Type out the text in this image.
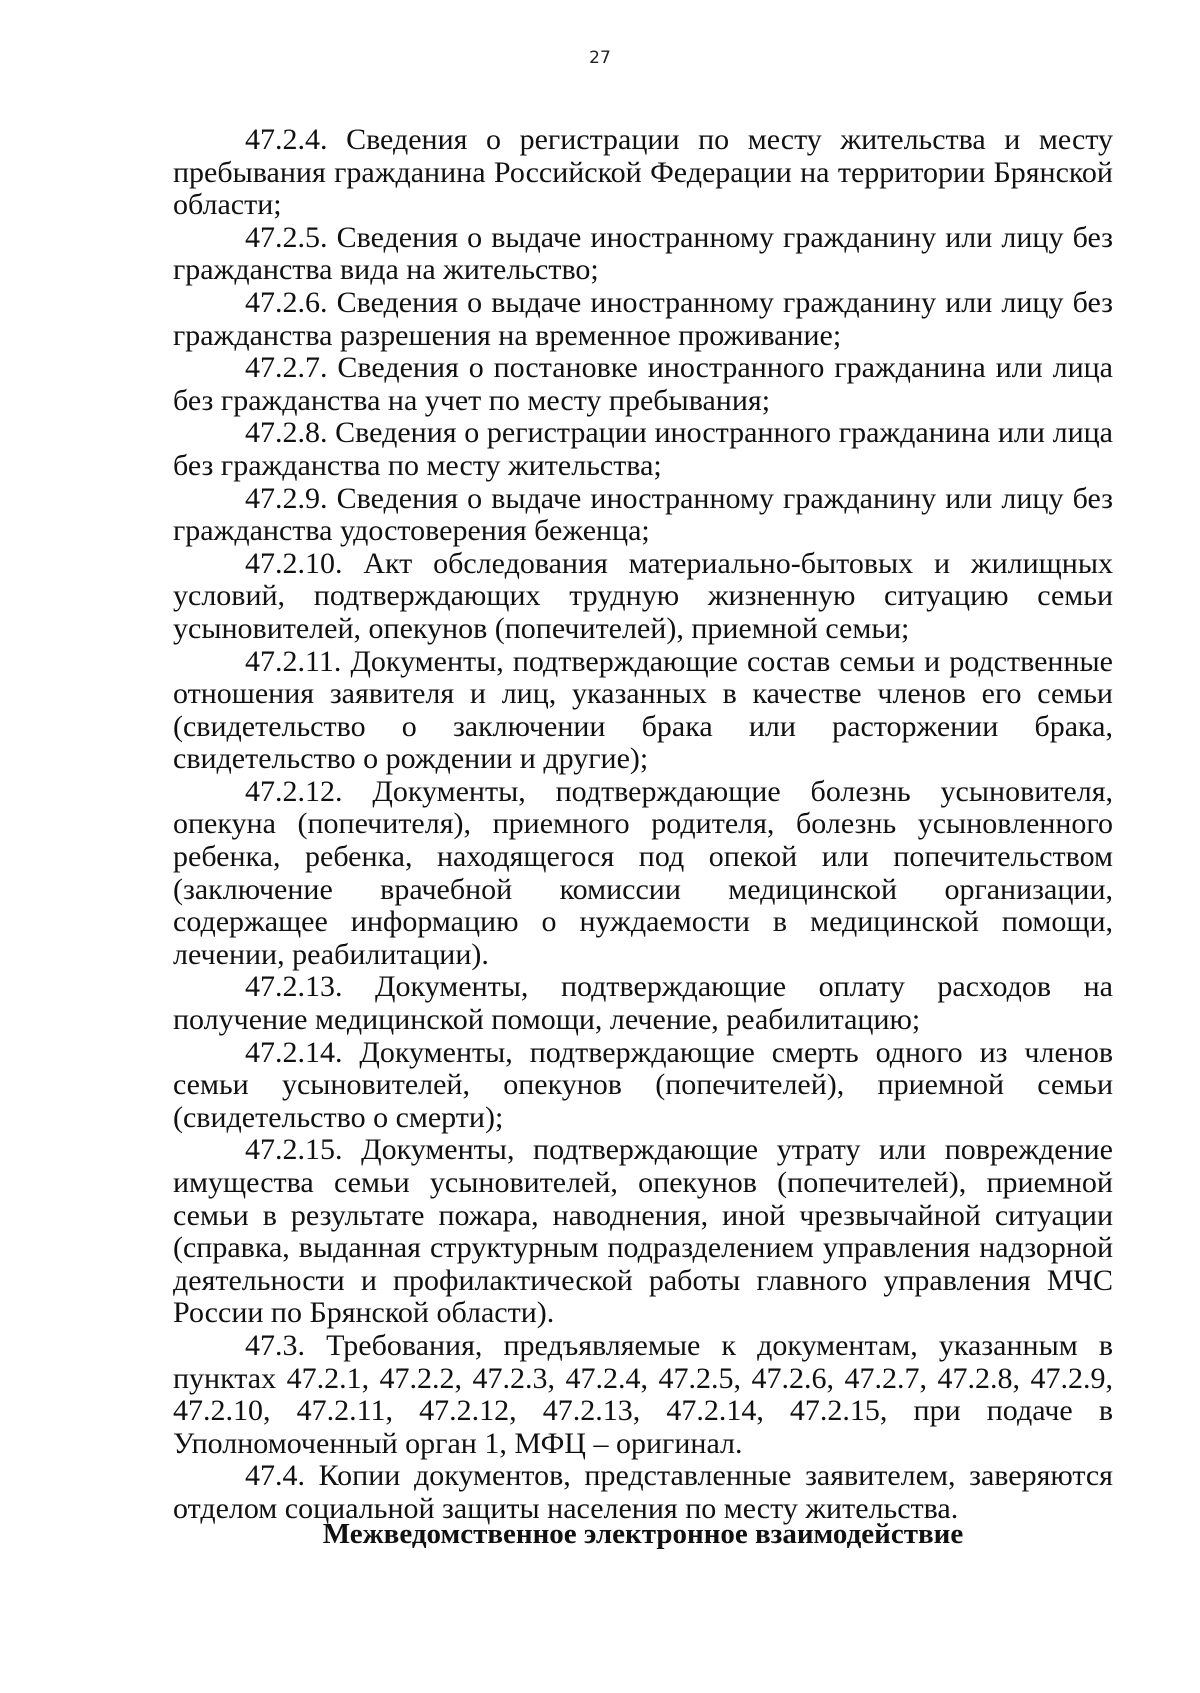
27

47.2.4. Сведения о регистрации по месту жительства и месту пребывания гражданина Российской Федерации на территории Брянской области;

47.2.5. Сведения о выдаче иностранному гражданину или лицу без гражданства вида на жительство;

47.2.6. Сведения о выдаче иностранному гражданину или лицу без гражданства разрешения на временное проживание;

47.2.7. Сведения о постановке иностранного гражданина или лица без гражданства на учет по месту пребывания;

47.2.8. Сведения о регистрации иностранного гражданина или лица без гражданства по месту жительства;

47.2.9. Сведения о выдаче иностранному гражданину или лицу без гражданства удостоверения беженца;

47.2.10. Акт обследования материально-бытовых и жилищных условий, подтверждающих трудную жизненную ситуацию семьи усыновителей, опекунов (попечителей), приемной семьи;

47.2.11. Документы, подтверждающие состав семьи и родственные отношения заявителя и лиц, указанных в качестве членов его семьи (свидетельство о заключении брака или расторжении брака, свидетельство о рождении и другие);

47.2.12. Документы, подтверждающие болезнь усыновителя, опекуна (попечителя), приемного родителя, болезнь усыновленного ребенка, ребенка, находящегося под опекой или попечительством (заключение врачебной комиссии медицинской организации, содержащее информацию о нуждаемости в медицинской помощи, лечении, реабилитации).

47.2.13. Документы, подтверждающие оплату расходов на получение медицинской помощи, лечение, реабилитацию;

47.2.14. Документы, подтверждающие смерть одного из членов семьи усыновителей, опекунов (попечителей), приемной семьи (свидетельство о смерти);

47.2.15. Документы, подтверждающие утрату или повреждение имущества семьи усыновителей, опекунов (попечителей), приемной семьи в результате пожара, наводнения, иной чрезвычайной ситуации (справка, выданная структурным подразделением управления надзорной деятельности и профилактической работы главного управления МЧС России по Брянской области).

47.3. Требования, предъявляемые к документам, указанным в пунктах 47.2.1, 47.2.2, 47.2.3, 47.2.4, 47.2.5, 47.2.6, 47.2.7, 47.2.8, 47.2.9, 47.2.10, 47.2.11, 47.2.12, 47.2.13, 47.2.14, 47.2.15, при подаче в Уполномоченный орган 1, МФЦ – оригинал.

47.4. Копии документов, представленные заявителем, заверяются отделом социальной защиты населения по месту жительства.

Межведомственное электронное взаимодействие
